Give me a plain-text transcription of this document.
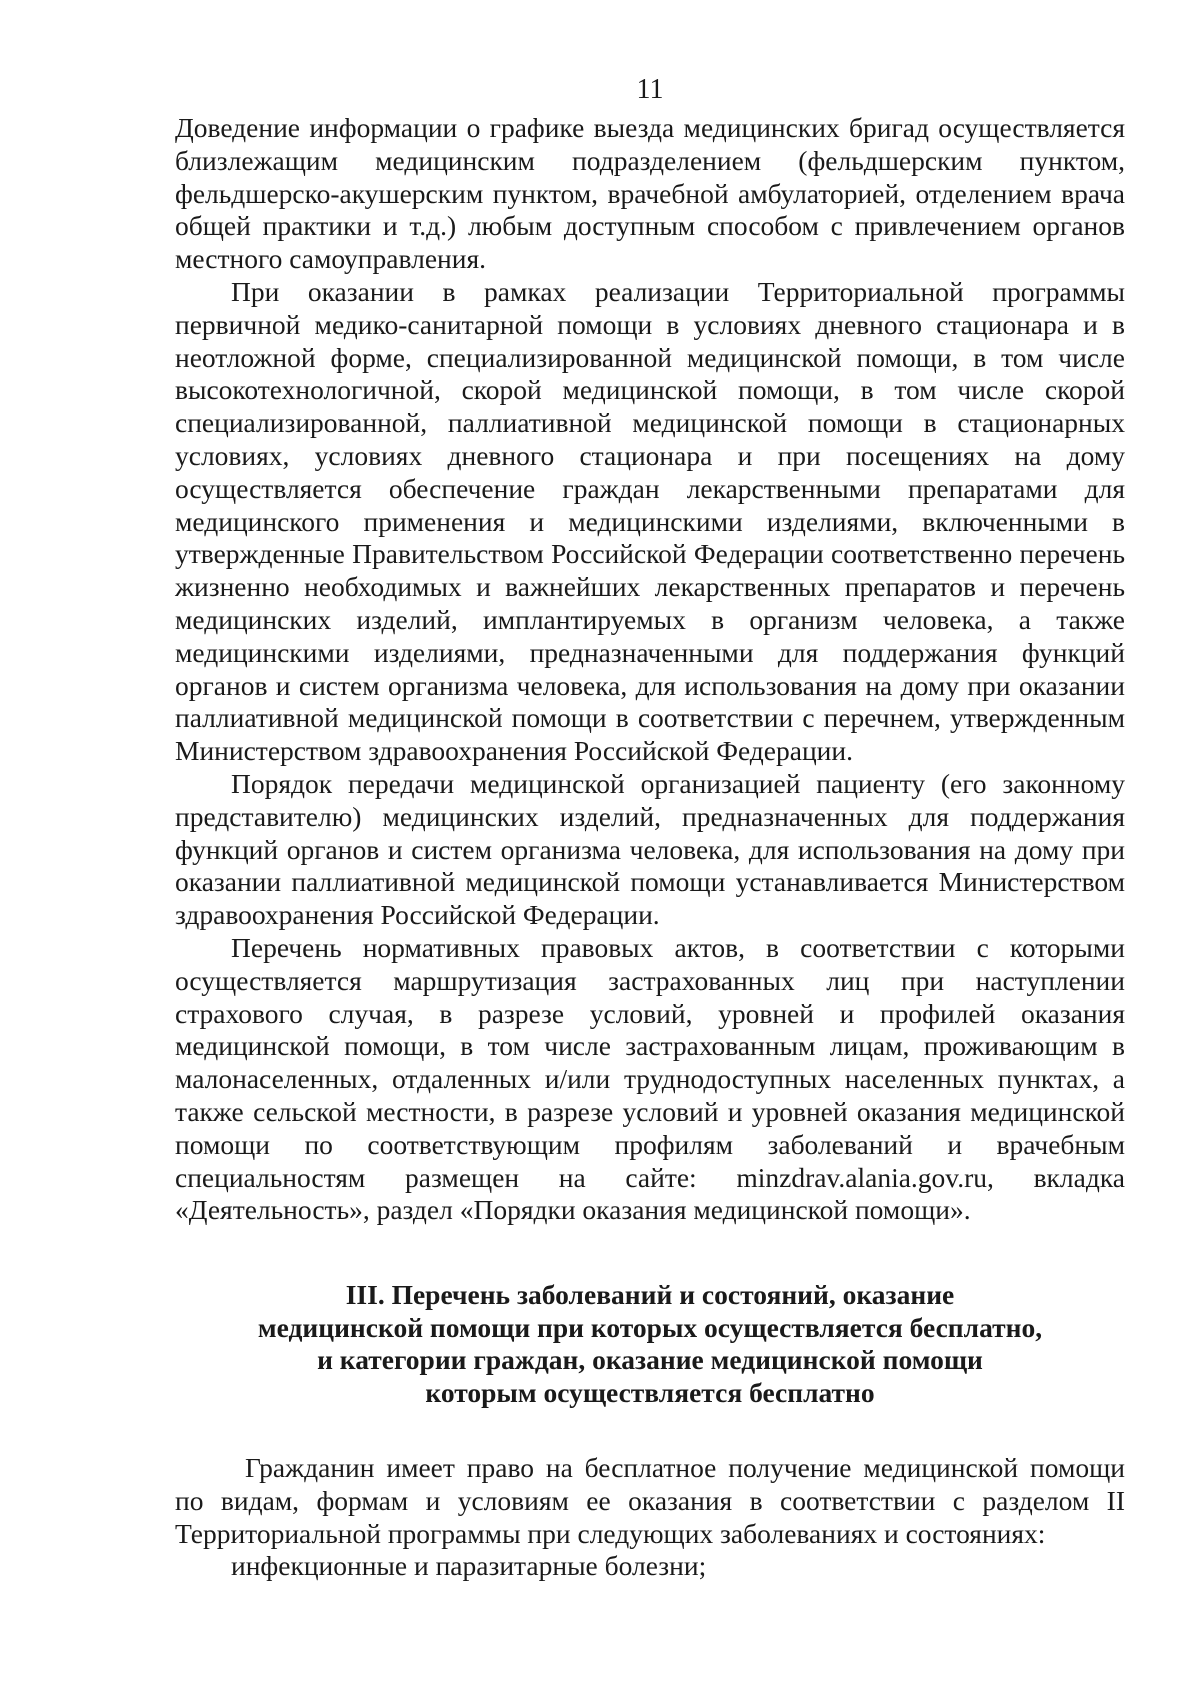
11

Доведение информации о графике выезда медицинских бригад осуществляется близлежащим медицинским подразделением (фельдшерским пунктом, фельдшерско-акушерским пунктом, врачебной амбулаторией, отделением врача общей практики и т.д.) любым доступным способом с привлечением органов местного самоуправления.

При оказании в рамках реализации Территориальной программы первичной медико-санитарной помощи в условиях дневного стационара и в неотложной форме, специализированной медицинской помощи, в том числе высокотехнологичной, скорой медицинской помощи, в том числе скорой специализированной, паллиативной медицинской помощи в стационарных условиях, условиях дневного стационара и при посещениях на дому осуществляется обеспечение граждан лекарственными препаратами для медицинского применения и медицинскими изделиями, включенными в утвержденные Правительством Российской Федерации соответственно перечень жизненно необходимых и важнейших лекарственных препаратов и перечень медицинских изделий, имплантируемых в организм человека, а также медицинскими изделиями, предназначенными для поддержания функций органов и систем организма человека, для использования на дому при оказании паллиативной медицинской помощи в соответствии с перечнем, утвержденным Министерством здравоохранения Российской Федерации.

Порядок передачи медицинской организацией пациенту (его законному представителю) медицинских изделий, предназначенных для поддержания функций органов и систем организма человека, для использования на дому при оказании паллиативной медицинской помощи устанавливается Министерством здравоохранения Российской Федерации.

Перечень нормативных правовых актов, в соответствии с которыми осуществляется маршрутизация застрахованных лиц при наступлении страхового случая, в разрезе условий, уровней и профилей оказания медицинской помощи, в том числе застрахованным лицам, проживающим в малонаселенных, отдаленных и/или труднодоступных населенных пунктах, а также сельской местности, в разрезе условий и уровней оказания медицинской помощи по соответствующим профилям заболеваний и врачебным специальностям размещен на сайте: minzdrav.alania.gov.ru, вкладка «Деятельность», раздел «Порядки оказания медицинской помощи».

III. Перечень заболеваний и состояний, оказание
медицинской помощи при которых осуществляется бесплатно,
и категории граждан, оказание медицинской помощи
которым осуществляется бесплатно

Гражданин имеет право на бесплатное получение медицинской помощи по видам, формам и условиям ее оказания в соответствии с разделом II Территориальной программы при следующих заболеваниях и состояниях:

инфекционные и паразитарные болезни;
